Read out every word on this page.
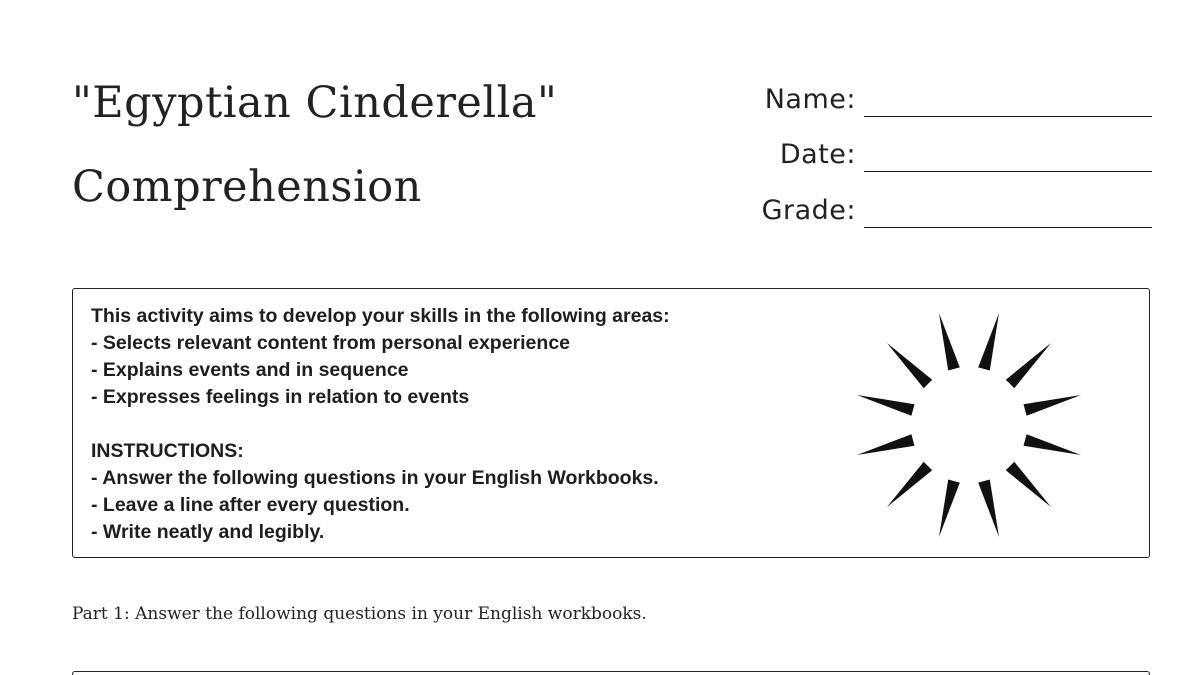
"Egyptian Cinderella"
Comprehension
Name:
Date:
Grade:
This activity aims to develop your skills in the following areas:
- Selects relevant content from personal experience
- Explains events and in sequence
- Expresses feelings in relation to events
INSTRUCTIONS:
- Answer the following questions in your English Workbooks.
- Leave a line after every question.
- Write neatly and legibly.
Part 1: Answer the following questions in your English workbooks.
